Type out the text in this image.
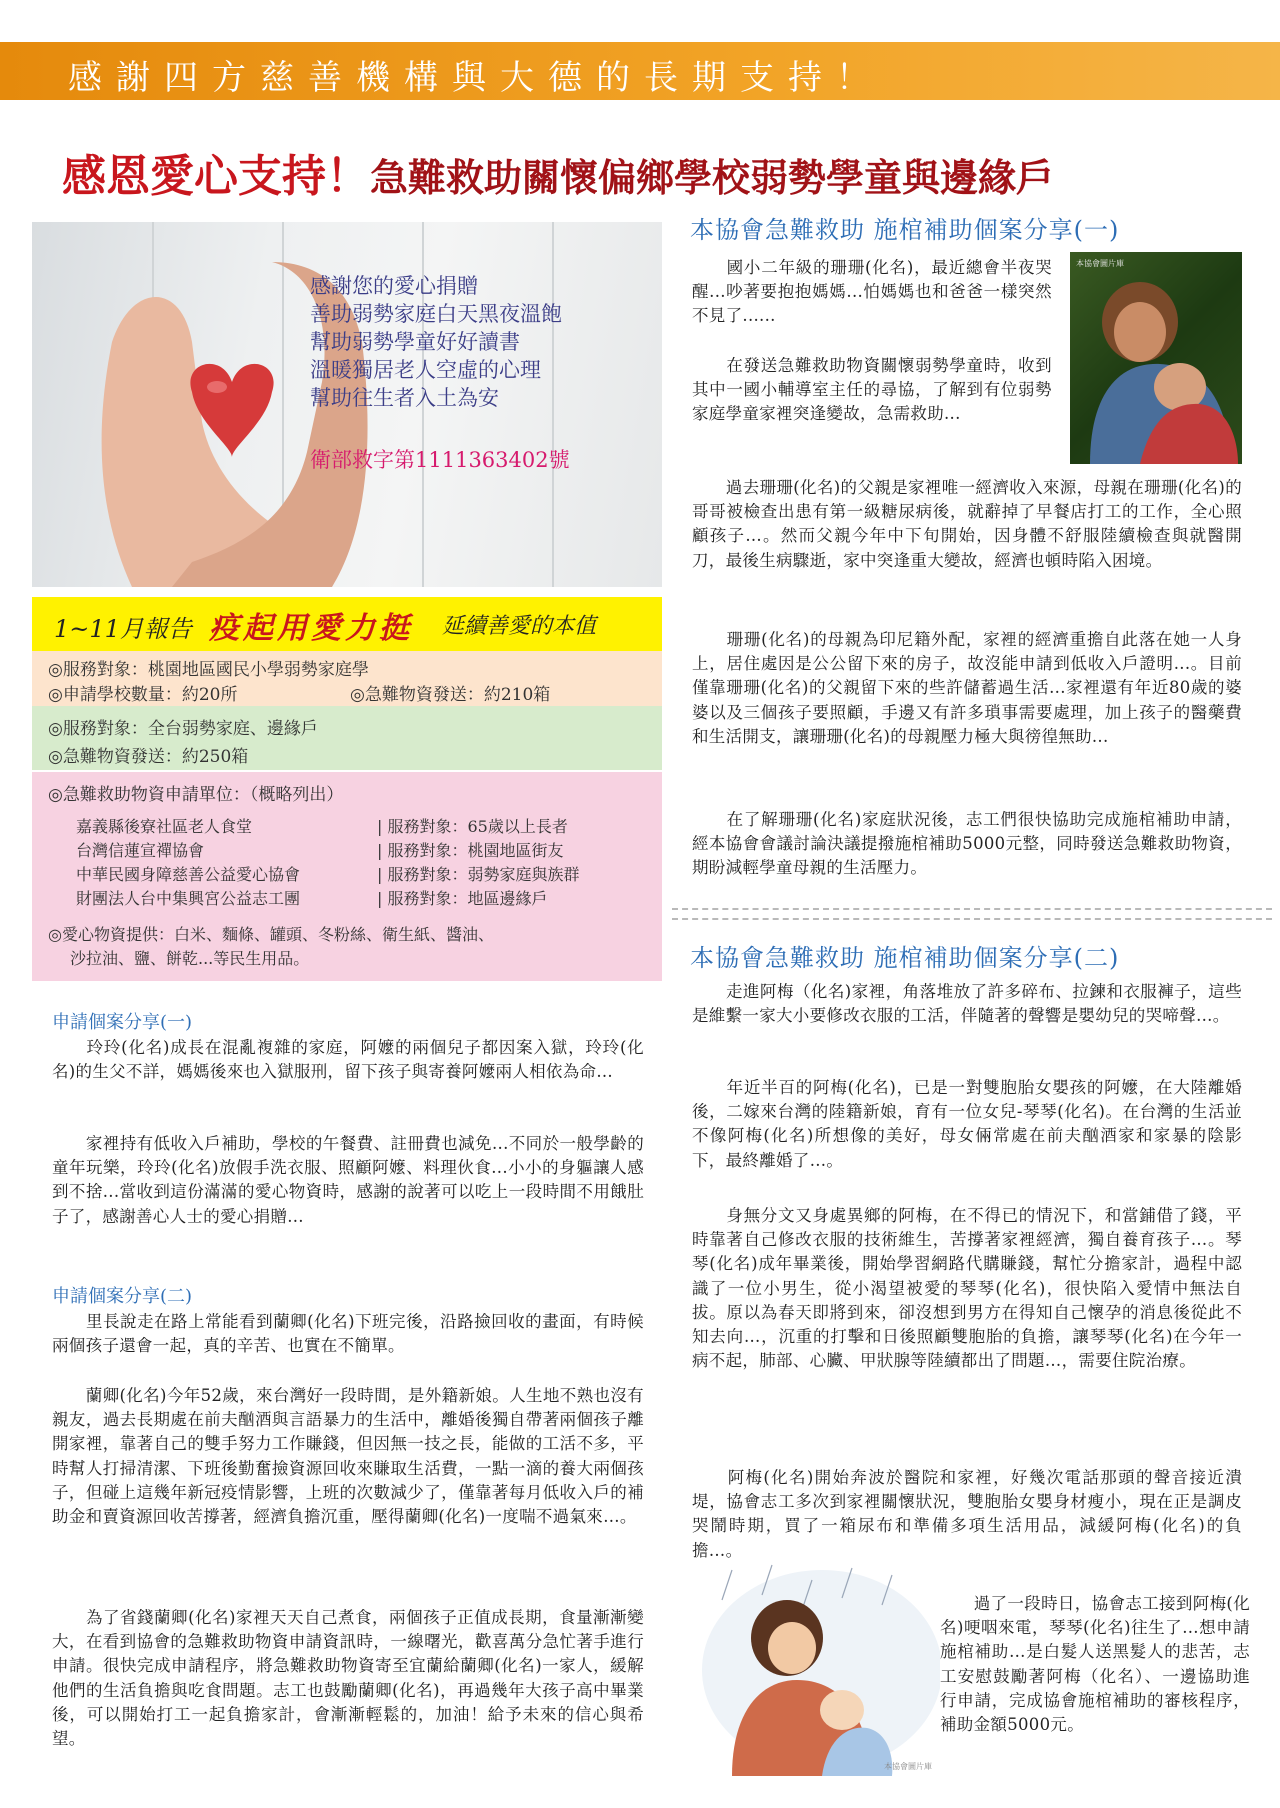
感謝四方慈善機構與大德的長期支持！
感恩愛心支持！急難救助關懷偏鄉學校弱勢學童與邊緣戶
感謝您的愛心捐贈
善助弱勢家庭白天黑夜溫飽
幫助弱勢學童好好讀書
溫暖獨居老人空虛的心理
幫助往生者入土為安
衛部救字第1111363402號
1~11月報告 疫起用愛力挺 延續善愛的本值
◎服務對象：桃園地區國民小學弱勢家庭學
◎申請學校數量：約20所	◎急難物資發送：約210箱
◎服務對象：全台弱勢家庭、邊緣戶
◎急難物資發送：約250箱
◎急難救助物資申請單位：（概略列出）
嘉義縣後寮社區老人食堂	| 服務對象：65歲以上長者
台灣信蓮宣禪協會	| 服務對象：桃園地區街友
中華民國身障慈善公益愛心協會	| 服務對象：弱勢家庭與族群
財團法人台中集興宮公益志工團	| 服務對象：地區邊緣戶
◎愛心物資提供：白米、麵條、罐頭、冬粉絲、衛生紙、醬油、
沙拉油、鹽、餅乾...等民生用品。
申請個案分享(一)
　　玲玲(化名)成長在混亂複雜的家庭，阿嬤的兩個兒子都因案入獄，玲玲(化名)的生父不詳，媽媽後來也入獄服刑，留下孩子與寄養阿嬤兩人相依為命...
　　家裡持有低收入戶補助，學校的午餐費、註冊費也減免...不同於一般學齡的童年玩樂，玲玲(化名)放假手洗衣服、照顧阿嬤、料理伙食...小小的身軀讓人感到不捨...當收到這份滿滿的愛心物資時，感謝的說著可以吃上一段時間不用餓肚子了，感謝善心人士的愛心捐贈...
申請個案分享(二)
　　里長說走在路上常能看到蘭卿(化名)下班完後，沿路撿回收的畫面，有時候兩個孩子還會一起，真的辛苦、也實在不簡單。
　　蘭卿(化名)今年52歲，來台灣好一段時間，是外籍新娘。人生地不熟也沒有親友，過去長期處在前夫酗酒與言語暴力的生活中，離婚後獨自帶著兩個孩子離開家裡，靠著自己的雙手努力工作賺錢，但因無一技之長，能做的工活不多，平時幫人打掃清潔、下班後勤奮撿資源回收來賺取生活費，一點一滴的養大兩個孩子，但碰上這幾年新冠疫情影響，上班的次數減少了，僅靠著每月低收入戶的補助金和賣資源回收苦撐著，經濟負擔沉重，壓得蘭卿(化名)一度喘不過氣來…。
　　為了省錢蘭卿(化名)家裡天天自己煮食，兩個孩子正值成長期，食量漸漸變大，在看到協會的急難救助物資申請資訊時，一線曙光，歡喜萬分急忙著手進行申請。很快完成申請程序，將急難救助物資寄至宜蘭給蘭卿(化名)一家人，緩解他們的生活負擔與吃食問題。志工也鼓勵蘭卿(化名)，再過幾年大孩子高中畢業後，可以開始打工一起負擔家計，會漸漸輕鬆的，加油！給予未來的信心與希望。
本協會急難救助 施棺補助個案分享(一)
　　國小二年級的珊珊(化名)，最近總會半夜哭醒...吵著要抱抱媽媽...怕媽媽也和爸爸一樣突然不見了......
　　在發送急難救助物資關懷弱勢學童時，收到其中一國小輔導室主任的尋協，了解到有位弱勢家庭學童家裡突逢變故，急需救助...
本協會圖片庫
　　過去珊珊(化名)的父親是家裡唯一經濟收入來源，母親在珊珊(化名)的哥哥被檢查出患有第一級糖尿病後，就辭掉了早餐店打工的工作，全心照顧孩子...。然而父親今年中下旬開始，因身體不舒服陸續檢查與就醫開刀，最後生病驟逝，家中突逢重大變故，經濟也頓時陷入困境。
　　珊珊(化名)的母親為印尼籍外配，家裡的經濟重擔自此落在她一人身上，居住處因是公公留下來的房子，故沒能申請到低收入戶證明...。目前僅靠珊珊(化名)的父親留下來的些許儲蓄過生活...家裡還有年近80歲的婆婆以及三個孩子要照顧，手邊又有許多瑣事需要處理，加上孩子的醫藥費和生活開支，讓珊珊(化名)的母親壓力極大與徬徨無助...
　　在了解珊珊(化名)家庭狀況後，志工們很快協助完成施棺補助申請，經本協會會議討論決議提撥施棺補助5000元整，同時發送急難救助物資，期盼減輕學童母親的生活壓力。
本協會急難救助 施棺補助個案分享(二)
　　走進阿梅（化名)家裡，角落堆放了許多碎布、拉鍊和衣服褲子，這些是維繫一家大小要修改衣服的工活，伴隨著的聲響是嬰幼兒的哭啼聲…。
　　年近半百的阿梅(化名)，已是一對雙胞胎女嬰孩的阿嬤，在大陸離婚後，二嫁來台灣的陸籍新娘，育有一位女兒-琴琴(化名)。在台灣的生活並不像阿梅(化名)所想像的美好，母女倆常處在前夫酗酒家和家暴的陰影下，最終離婚了…。
　　身無分文又身處異鄉的阿梅，在不得已的情況下，和當鋪借了錢，平時靠著自己修改衣服的技術維生，苦撐著家裡經濟，獨自養育孩子…。琴琴(化名)成年畢業後，開始學習網路代購賺錢，幫忙分擔家計，過程中認識了一位小男生，從小渴望被愛的琴琴(化名)，很快陷入愛情中無法自拔。原以為春天即將到來，卻沒想到男方在得知自己懷孕的消息後從此不知去向…，沉重的打擊和日後照顧雙胞胎的負擔，讓琴琴(化名)在今年一病不起，肺部、心臟、甲狀腺等陸續都出了問題…，需要住院治療。
　　阿梅(化名)開始奔波於醫院和家裡，好幾次電話那頭的聲音接近潰堤，協會志工多次到家裡關懷狀況，雙胞胎女嬰身材瘦小，現在正是調皮哭鬧時期，買了一箱尿布和準備多項生活用品，減緩阿梅(化名)的負擔…。
本協會圖片庫
　　過了一段時日，協會志工接到阿梅(化名)哽咽來電，琴琴(化名)往生了…想申請施棺補助…是白髮人送黑髮人的悲苦，志工安慰鼓勵著阿梅（化名）、一邊協助進行申請，完成協會施棺補助的審核程序，補助金額5000元。
